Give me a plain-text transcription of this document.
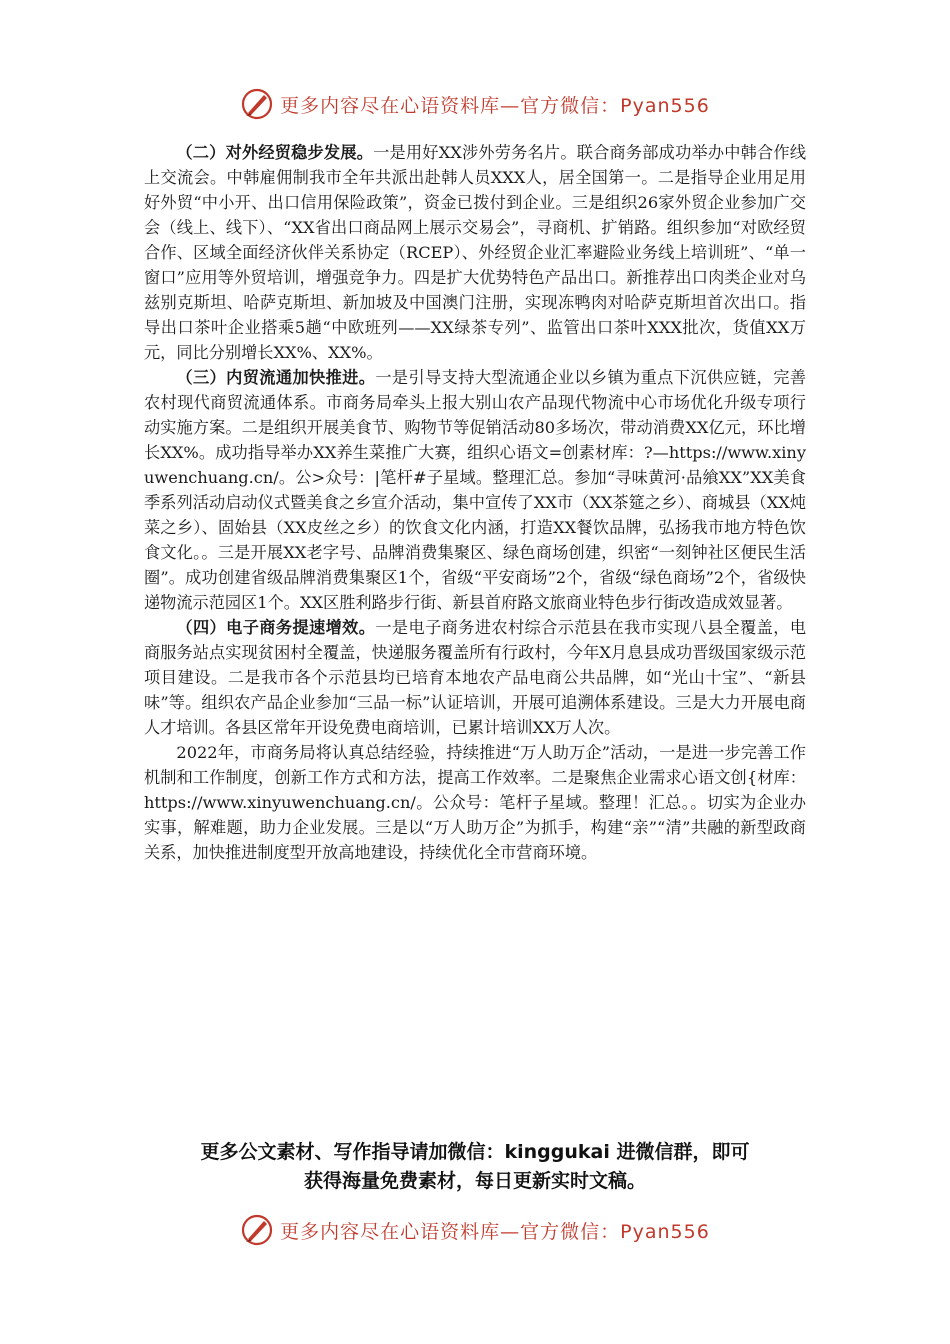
更多内容尽在心语资料库—官方微信：Pyan556

（二）对外经贸稳步发展。一是用好XX涉外劳务名片。联合商务部成功举办中韩合作线上交流会。中韩雇佣制我市全年共派出赴韩人员XXX人，居全国第一。二是指导企业用足用好外贸“中小开、出口信用保险政策”，资金已拨付到企业。三是组织26家外贸企业参加广交会（线上、线下）、“XX省出口商品网上展示交易会”，寻商机、扩销路。组织参加“对欧经贸合作、区域全面经济伙伴关系协定（RCEP）、外经贸企业汇率避险业务线上培训班”、“单一窗口”应用等外贸培训，增强竞争力。四是扩大优势特色产品出口。新推荐出口肉类企业对乌兹别克斯坦、哈萨克斯坦、新加坡及中国澳门注册，实现冻鸭肉对哈萨克斯坦首次出口。指导出口茶叶企业搭乘5趟“中欧班列——XX绿茶专列”、监管出口茶叶XXX批次，货值XX万元，同比分别增长XX%、XX%。

（三）内贸流通加快推进。一是引导支持大型流通企业以乡镇为重点下沉供应链，完善农村现代商贸流通体系。市商务局牵头上报大别山农产品现代物流中心市场优化升级专项行动实施方案。二是组织开展美食节、购物节等促销活动80多场次，带动消费XX亿元，环比增长XX%。成功指导举办XX养生菜推广大赛，组织心语文=创素材库：?—https://www.xinyuwenchuang.cn/。公>众号：|笔杆#子星域。整理汇总。参加“寻味黄河·品飨XX”XX美食季系列活动启动仪式暨美食之乡宣介活动，集中宣传了XX市（XX茶筵之乡）、商城县（XX炖菜之乡）、固始县（XX皮丝之乡）的饮食文化内涵，打造XX餐饮品牌，弘扬我市地方特色饮食文化。。三是开展XX老字号、品牌消费集聚区、绿色商场创建，织密“一刻钟社区便民生活圈”。成功创建省级品牌消费集聚区1个，省级“平安商场”2个，省级“绿色商场”2个，省级快递物流示范园区1个。XX区胜利路步行街、新县首府路文旅商业特色步行街改造成效显著。

（四）电子商务提速增效。一是电子商务进农村综合示范县在我市实现八县全覆盖，电商服务站点实现贫困村全覆盖，快递服务覆盖所有行政村，今年X月息县成功晋级国家级示范项目建设。二是我市各个示范县均已培育本地农产品电商公共品牌，如“光山十宝”、“新县味”等。组织农产品企业参加“三品一标”认证培训，开展可追溯体系建设。三是大力开展电商人才培训。各县区常年开设免费电商培训，已累计培训XX万人次。

2022年，市商务局将认真总结经验，持续推进“万人助万企”活动，一是进一步完善工作机制和工作制度，创新工作方式和方法，提高工作效率。二是聚焦企业需求心语文创{材库：https://www.xinyuwenchuang.cn/。公众号：笔杆子星域。整理！汇总。。切实为企业办实事，解难题，助力企业发展。三是以“万人助万企”为抓手，构建“亲”“清”共融的新型政商关系，加快推进制度型开放高地建设，持续优化全市营商环境。

更多公文素材、写作指导请加微信：kinggukai 进微信群，即可
获得海量免费素材，每日更新实时文稿。
更多内容尽在心语资料库—官方微信：Pyan556
